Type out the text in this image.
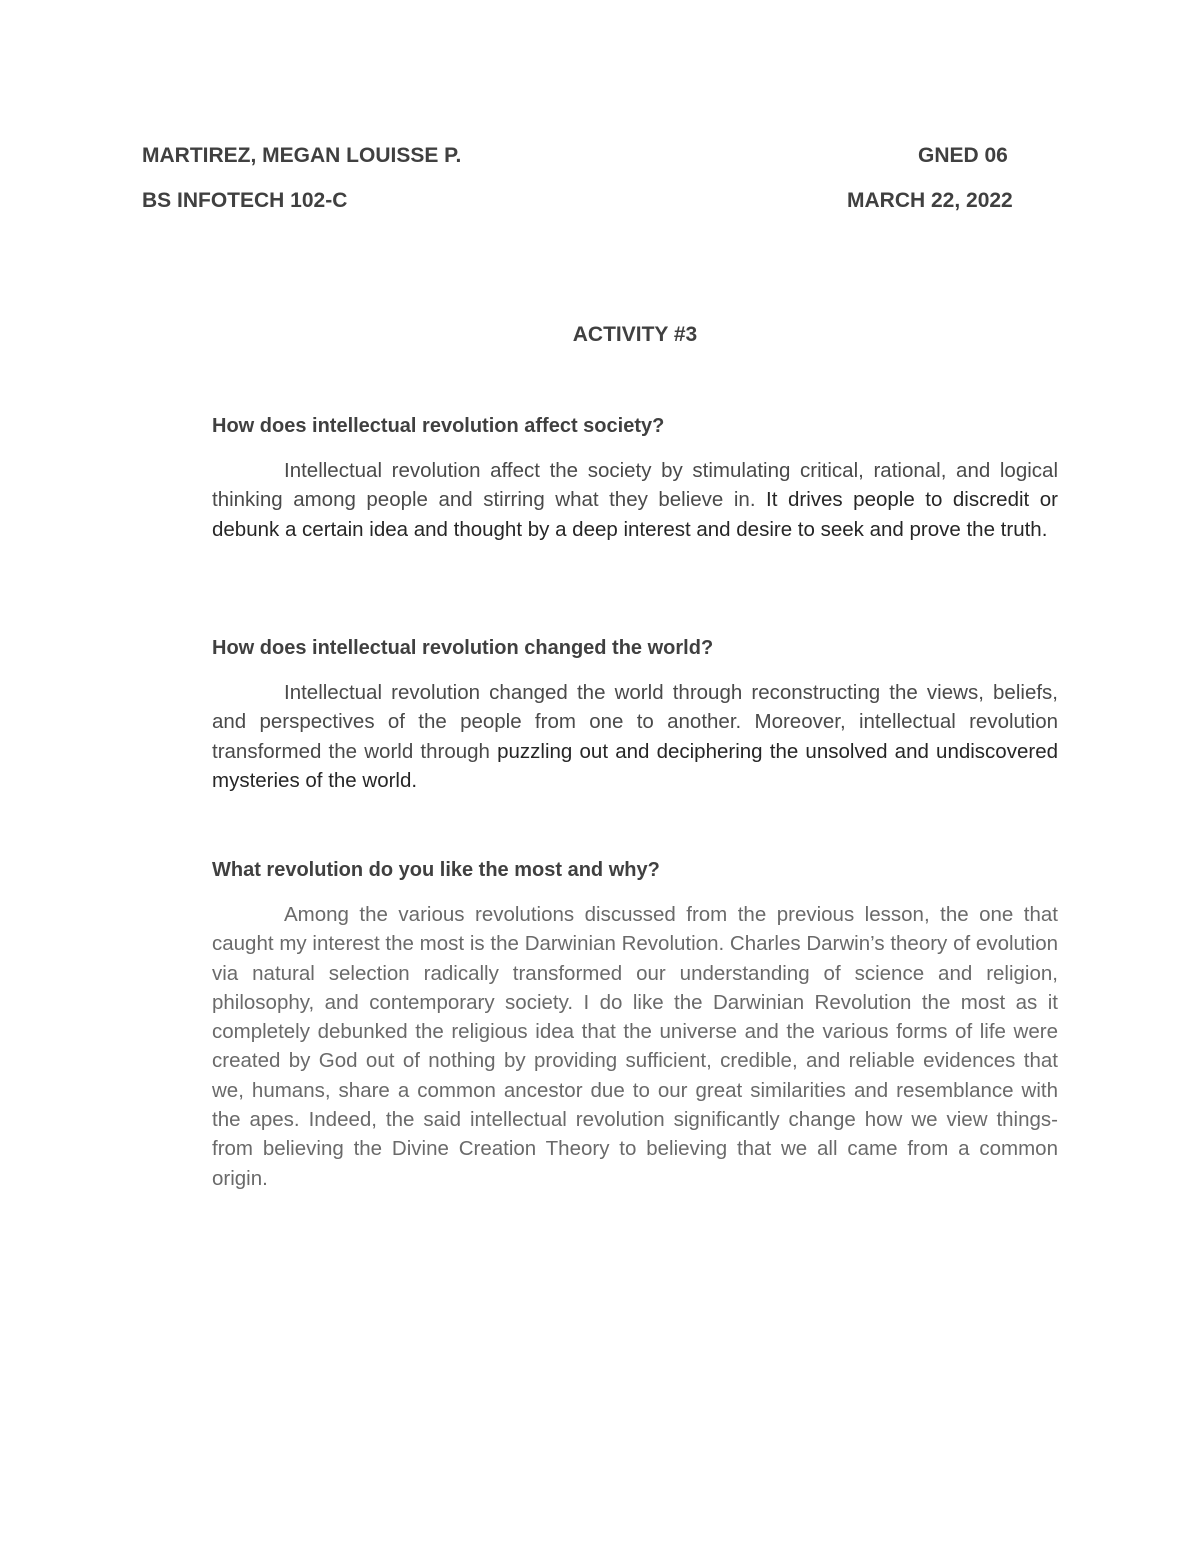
MARTIREZ, MEGAN LOUISSE P.	GNED 06
BS INFOTECH 102-C	MARCH 22, 2022
ACTIVITY #3
How does intellectual revolution affect society?

Intellectual revolution affect the society by stimulating critical, rational, and logical thinking among people and stirring what they believe in. It drives people to discredit or debunk a certain idea and thought by a deep interest and desire to seek and prove the truth.

How does intellectual revolution changed the world?

Intellectual revolution changed the world through reconstructing the views, beliefs, and perspectives of the people from one to another. Moreover, intellectual revolution transformed the world through puzzling out and deciphering the unsolved and undiscovered mysteries of the world.

What revolution do you like the most and why?

Among the various revolutions discussed from the previous lesson, the one that caught my interest the most is the Darwinian Revolution. Charles Darwin’s theory of evolution via natural selection radically transformed our understanding of science and religion, philosophy, and contemporary society. I do like the Darwinian Revolution the most as it completely debunked the religious idea that the universe and the various forms of life were created by God out of nothing by providing sufficient, credible, and reliable evidences that we, humans, share a common ancestor due to our great similarities and resemblance with the apes. Indeed, the said intellectual revolution significantly change how we view things- from believing the Divine Creation Theory to believing that we all came from a common origin.
